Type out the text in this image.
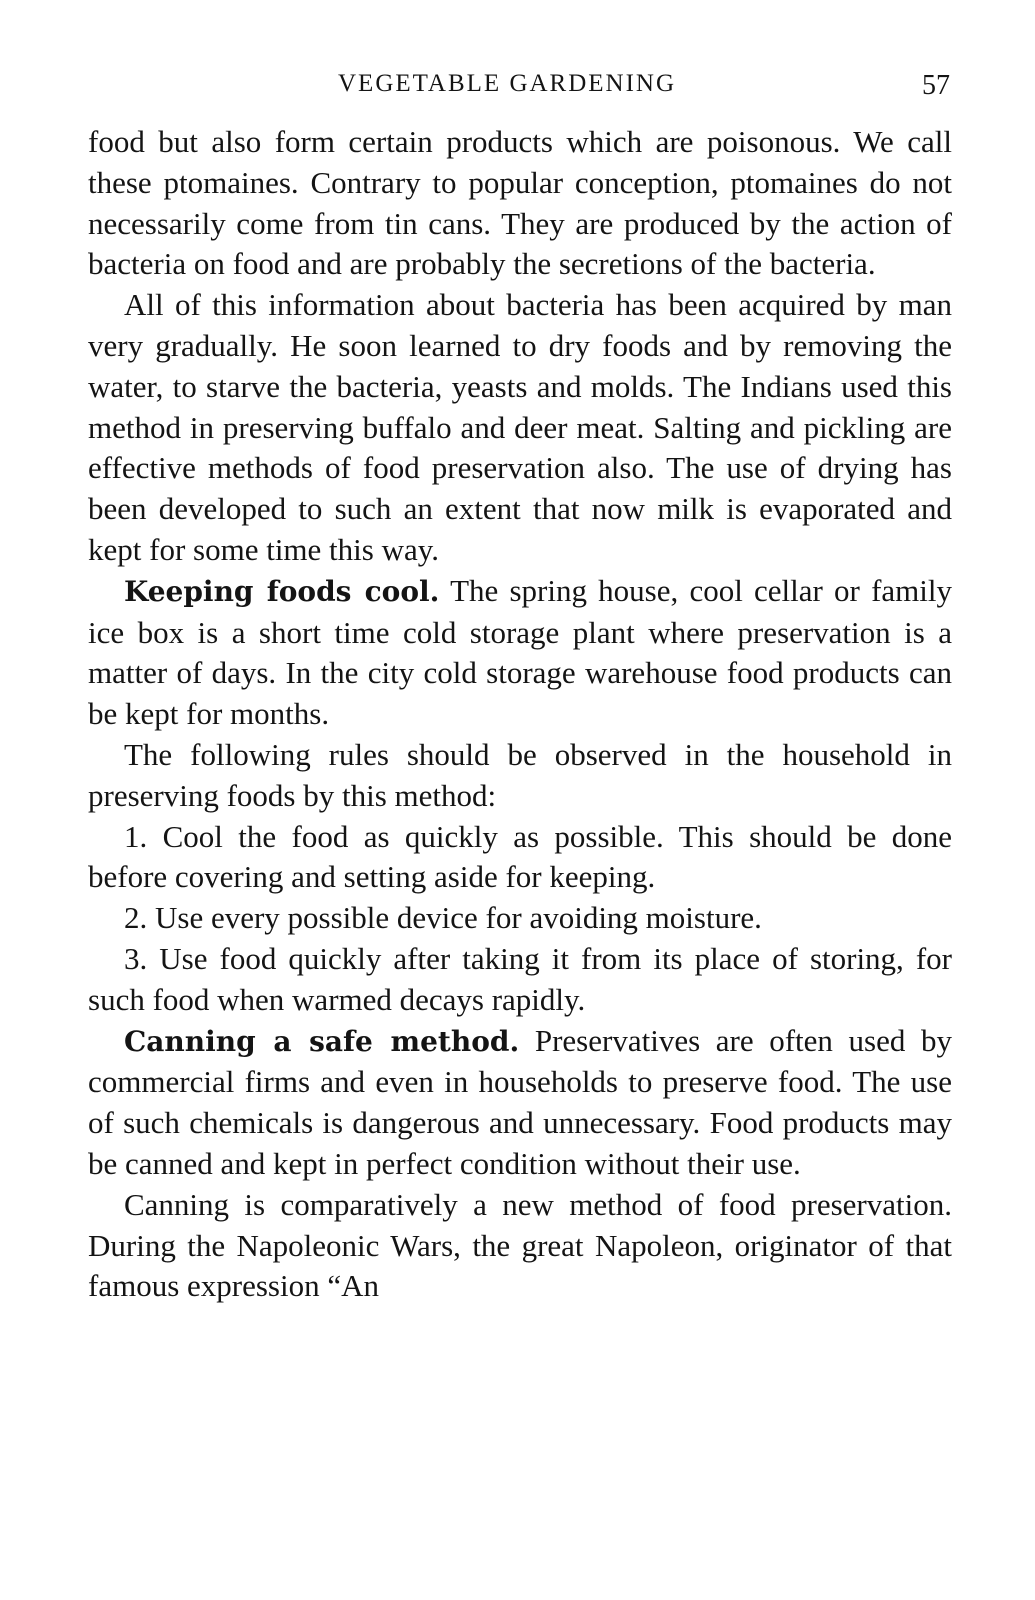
VEGETABLE GARDENING	57

food but also form certain products which are poisonous. We call these ptomaines. Contrary to popular conception, ptomaines do not necessarily come from tin cans. They are produced by the action of bacteria on food and are probably the secretions of the bacteria.

All of this information about bacteria has been acquired by man very gradually. He soon learned to dry foods and by removing the water, to starve the bacteria, yeasts and molds. The Indians used this method in preserving buffalo and deer meat. Salting and pickling are effective methods of food preservation also. The use of drying has been developed to such an extent that now milk is evaporated and kept for some time this way.

Keeping foods cool. The spring house, cool cellar or family ice box is a short time cold storage plant where preservation is a matter of days. In the city cold storage warehouse food products can be kept for months.

The following rules should be observed in the household in preserving foods by this method:

1. Cool the food as quickly as possible. This should be done before covering and setting aside for keeping.

2. Use every possible device for avoiding moisture.

3. Use food quickly after taking it from its place of storing, for such food when warmed decays rapidly.

Canning a safe method. Preservatives are often used by commercial firms and even in households to preserve food. The use of such chemicals is dangerous and unnecessary. Food products may be canned and kept in perfect condition without their use.

Canning is comparatively a new method of food preservation. During the Napoleonic Wars, the great Napoleon, originator of that famous expression “An
